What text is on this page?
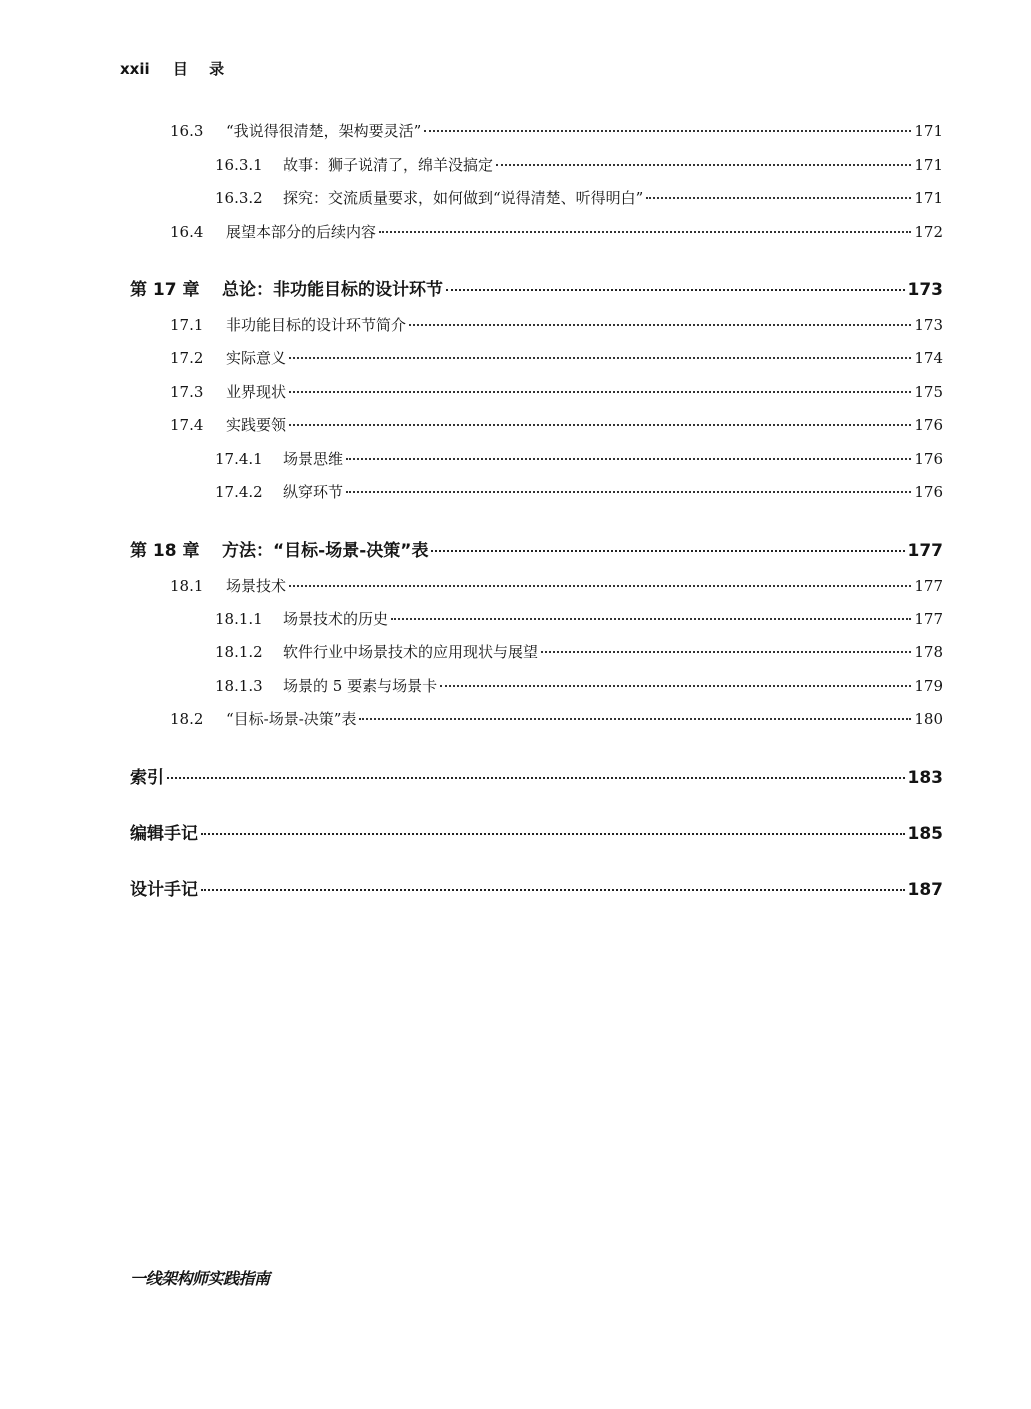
xxii 目 录
16.3	“我说得很清楚，架构要灵活”	171
16.3.1	故事：狮子说清了，绵羊没搞定	171
16.3.2	探究：交流质量要求，如何做到“说得清楚、听得明白”	171
16.4	展望本部分的后续内容	172
第 17 章	总论：非功能目标的设计环节	173
17.1	非功能目标的设计环节简介	173
17.2	实际意义	174
17.3	业界现状	175
17.4	实践要领	176
17.4.1	场景思维	176
17.4.2	纵穿环节	176
第 18 章	方法：“目标-场景-决策”表	177
18.1	场景技术	177
18.1.1	场景技术的历史	177
18.1.2	软件行业中场景技术的应用现状与展望	178
18.1.3	场景的 5 要素与场景卡	179
18.2	“目标-场景-决策”表	180
索引	183
编辑手记	185
设计手记	187
一线架构师实践指南
